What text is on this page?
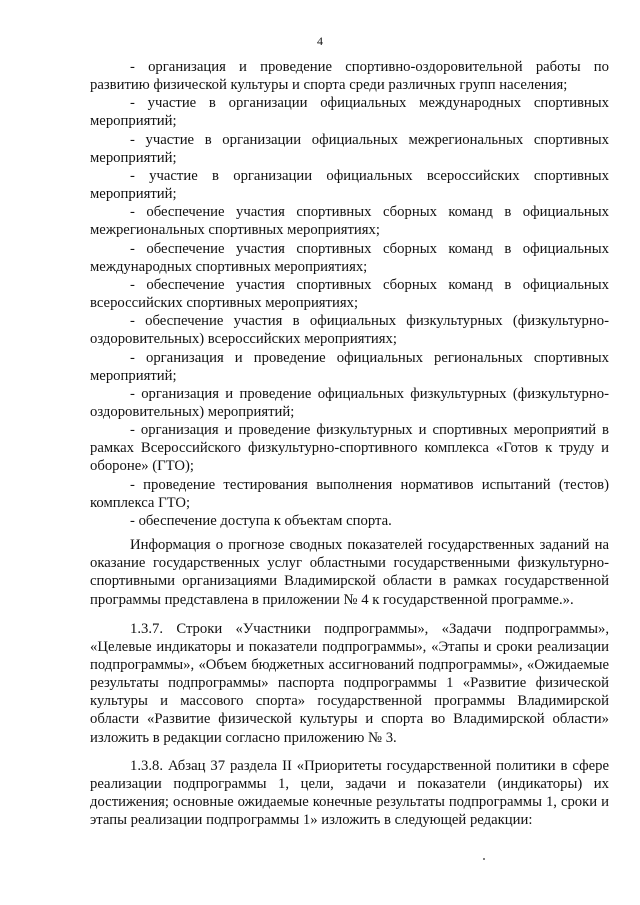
4

- организация и проведение спортивно-оздоровительной работы по развитию физической культуры и спорта среди различных групп населения;

- участие в организации официальных международных спортивных мероприятий;

- участие в организации официальных межрегиональных спортивных мероприятий;

- участие в организации официальных всероссийских спортивных мероприятий;

- обеспечение участия спортивных сборных команд в официальных межрегиональных спортивных мероприятиях;

- обеспечение участия спортивных сборных команд в официальных международных спортивных мероприятиях;

- обеспечение участия спортивных сборных команд в официальных всероссийских спортивных мероприятиях;

- обеспечение участия в официальных физкультурных (физкультурно-оздоровительных) всероссийских мероприятиях;

- организация и проведение официальных региональных спортивных мероприятий;

- организация и проведение официальных физкультурных (физкультурно-оздоровительных) мероприятий;

- организация и проведение физкультурных и спортивных мероприятий в рамках Всероссийского физкультурно-спортивного комплекса «Готов к труду и обороне» (ГТО);

- проведение тестирования выполнения нормативов испытаний (тестов) комплекса ГТО;

- обеспечение доступа к объектам спорта.

Информация о прогнозе сводных показателей государственных заданий на оказание государственных услуг областными государственными физкультурно-спортивными организациями Владимирской области в рамках государственной программы представлена в приложении № 4 к государственной программе.».

1.3.7. Строки «Участники подпрограммы», «Задачи подпрограммы», «Целевые индикаторы и показатели подпрограммы», «Этапы и сроки реализации подпрограммы», «Объем бюджетных ассигнований подпрограммы», «Ожидаемые результаты подпрограммы» паспорта подпрограммы 1 «Развитие физической культуры и массового спорта» государственной программы Владимирской области «Развитие физической культуры и спорта во Владимирской области» изложить в редакции согласно приложению № 3.

1.3.8. Абзац 37 раздела II «Приоритеты государственной политики в сфере реализации подпрограммы 1, цели, задачи и показатели (индикаторы) их достижения; основные ожидаемые конечные результаты подпрограммы 1, сроки и этапы реализации подпрограммы 1» изложить в следующей редакции:
